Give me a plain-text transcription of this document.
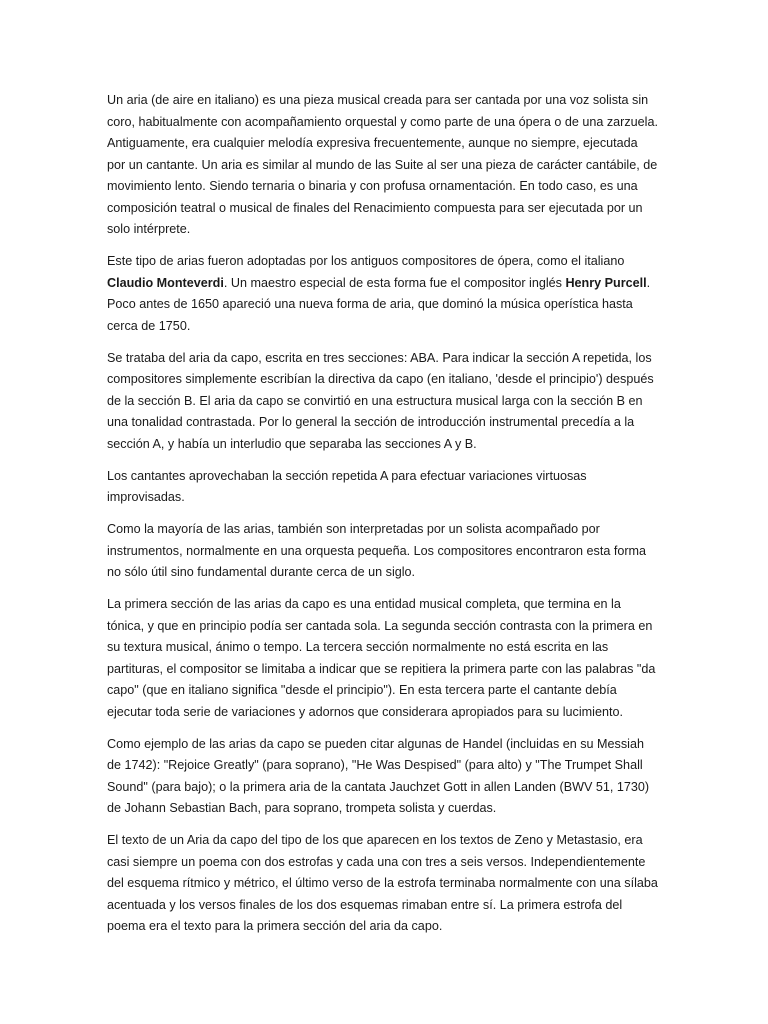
Un aria (de aire en italiano) es una pieza musical creada para ser cantada por una voz solista sin coro, habitualmente con acompañamiento orquestal y como parte de una ópera o de una zarzuela. Antiguamente, era cualquier melodía expresiva frecuentemente, aunque no siempre, ejecutada por un cantante. Un aria es similar al mundo de las Suite al ser una pieza de carácter cantábile, de movimiento lento. Siendo ternaria o binaria y con profusa ornamentación. En todo caso, es una composición teatral o musical de finales del Renacimiento compuesta para ser ejecutada por un solo intérprete.

Este tipo de arias fueron adoptadas por los antiguos compositores de ópera, como el italiano Claudio Monteverdi. Un maestro especial de esta forma fue el compositor inglés Henry Purcell. Poco antes de 1650 apareció una nueva forma de aria, que dominó la música operística hasta cerca de 1750.

Se trataba del aria da capo, escrita en tres secciones: ABA. Para indicar la sección A repetida, los compositores simplemente escribían la directiva da capo (en italiano, 'desde el principio') después de la sección B. El aria da capo se convirtió en una estructura musical larga con la sección B en una tonalidad contrastada. Por lo general la sección de introducción instrumental precedía a la sección A, y había un interludio que separaba las secciones A y B.

Los cantantes aprovechaban la sección repetida A para efectuar variaciones virtuosas improvisadas.

Como la mayoría de las arias, también son interpretadas por un solista acompañado por instrumentos, normalmente en una orquesta pequeña. Los compositores encontraron esta forma no sólo útil sino fundamental durante cerca de un siglo.

La primera sección de las arias da capo es una entidad musical completa, que termina en la tónica, y que en principio podía ser cantada sola. La segunda sección contrasta con la primera en su textura musical, ánimo o tempo. La tercera sección normalmente no está escrita en las partituras, el compositor se limitaba a indicar que se repitiera la primera parte con las palabras "da capo" (que en italiano significa "desde el principio"). En esta tercera parte el cantante debía ejecutar toda serie de variaciones y adornos que considerara apropiados para su lucimiento.

Como ejemplo de las arias da capo se pueden citar algunas de Handel (incluidas en su Messiah de 1742): "Rejoice Greatly" (para soprano), "He Was Despised" (para alto) y "The Trumpet Shall Sound" (para bajo); o la primera aria de la cantata Jauchzet Gott in allen Landen (BWV 51, 1730) de Johann Sebastian Bach, para soprano, trompeta solista y cuerdas.

El texto de un Aria da capo del tipo de los que aparecen en los textos de Zeno y Metastasio, era casi siempre un poema con dos estrofas y cada una con tres a seis versos. Independientemente del esquema rítmico y métrico, el último verso de la estrofa terminaba normalmente con una sílaba acentuada y los versos finales de los dos esquemas rimaban entre sí. La primera estrofa del poema era el texto para la primera sección del aria da capo.
